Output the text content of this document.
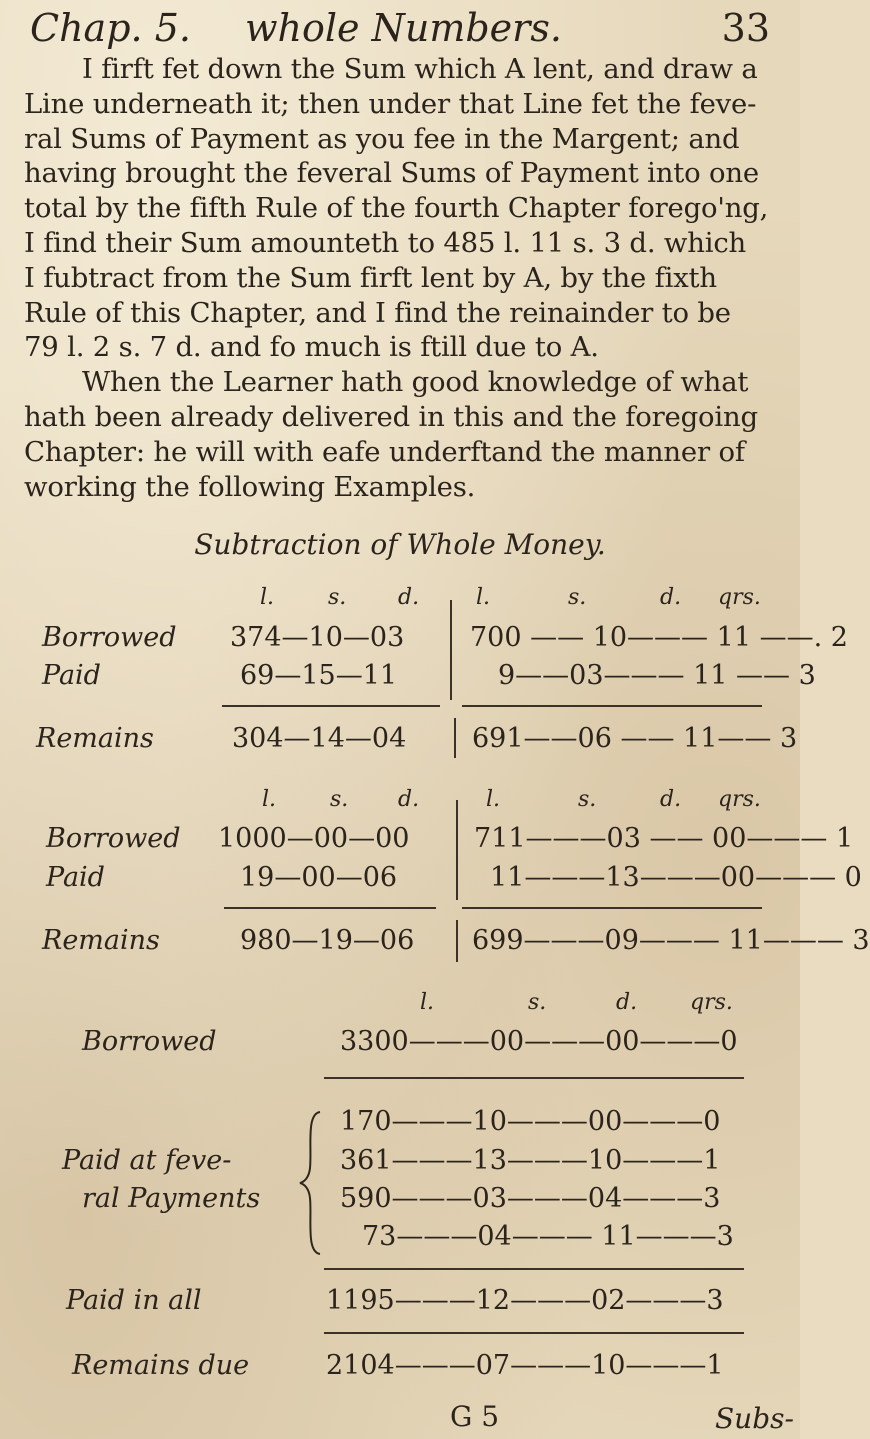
Chap. 5. whole Numbers.	33
I firft fet down the Sum which A lent, and draw a
Line underneath it; then under that Line fet the feve-
ral Sums of Payment as you fee in the Margent; and
having brought the feveral Sums of Payment into one
total by the fifth Rule of the fourth Chapter forego'ng,
I find their Sum amounteth to 485 l. 11 s. 3 d. which
I fubtract from the Sum firft lent by A, by the fixth
Rule of this Chapter, and I find the reinainder to be
79 l. 2 s. 7 d. and fo much is ftill due to A.
When the Learner hath good knowledge of what
hath been already delivered in this and the foregoing
Chapter: he will with eafe underftand the manner of
working the following Examples.
Subtraction of Whole Money.
l. s. d.	l.	s.	d. qrs.
Borrowed 374—10—03 700 —— 10——— 11 ——. 2
Paid	69—15—11	9——03——— 11 —— 3
Remains	304—14—04 691——06 —— 11—— 3
l. s. d.	l.	s.	d. qrs.
Borrowed 1000—00—00 711———03 —— 00——— 1
Paid	19—00—06	11———13———00——— 0
Remains	980—19—06 699———09——— 11——— 3
l.	s.	d. qrs.
Borrowed	3300———00———00———0
170———10———00———0
Paid at feve-	361———13———10———1
ral Payments	590———03———04———3
73———04——— 11———3
Paid in all	1195———12———02———3
Remains due	2104———07———10———1
G 5	Subs-
